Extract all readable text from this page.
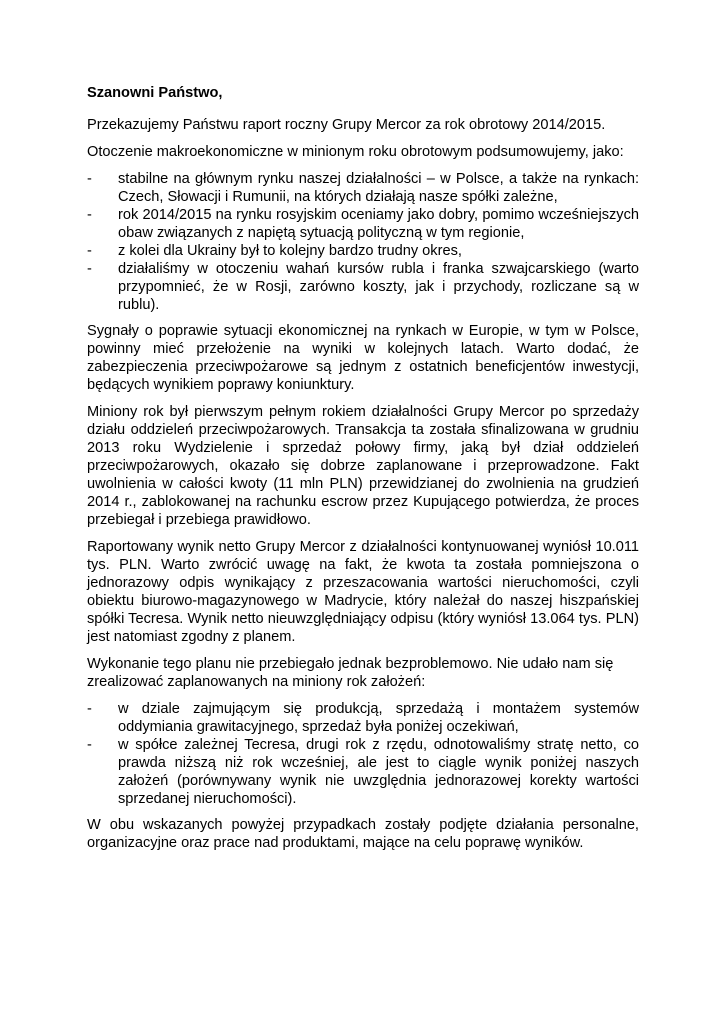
Szanowni Państwo,

Przekazujemy Państwu raport roczny Grupy Mercor za rok obrotowy 2014/2015.

Otoczenie makroekonomiczne w minionym roku obrotowym podsumowujemy, jako:

- stabilne na głównym rynku naszej działalności – w Polsce, a także na rynkach: Czech, Słowacji i Rumunii, na których działają nasze spółki zależne,
- rok 2014/2015 na rynku rosyjskim oceniamy jako dobry, pomimo wcześniejszych obaw związanych z napiętą sytuacją polityczną w tym regionie,
- z kolei dla Ukrainy był to kolejny bardzo trudny okres,
- działaliśmy w otoczeniu wahań kursów rubla i franka szwajcarskiego (warto przypomnieć, że w Rosji, zarówno koszty, jak i przychody, rozliczane są w rublu).

Sygnały o poprawie sytuacji ekonomicznej na rynkach w Europie, w tym w Polsce, powinny mieć przełożenie na wyniki w kolejnych latach. Warto dodać, że zabezpieczenia przeciwpożarowe są jednym z ostatnich beneficjentów inwestycji, będących wynikiem poprawy koniunktury.

Miniony rok był pierwszym pełnym rokiem działalności Grupy Mercor po sprzedaży działu oddzieleń przeciwpożarowych. Transakcja ta została sfinalizowana w grudniu 2013 roku Wydzielenie i sprzedaż połowy firmy, jaką był dział oddzieleń przeciwpożarowych, okazało się dobrze zaplanowane i przeprowadzone. Fakt uwolnienia w całości kwoty (11 mln PLN) przewidzianej do zwolnienia na grudzień 2014 r., zablokowanej na rachunku escrow przez Kupującego potwierdza, że proces przebiegał i przebiega prawidłowo.

Raportowany wynik netto Grupy Mercor z działalności kontynuowanej wyniósł 10.011 tys. PLN. Warto zwrócić uwagę na fakt, że kwota ta została pomniejszona o jednorazowy odpis wynikający z przeszacowania wartości nieruchomości, czyli obiektu biurowo-magazynowego w Madrycie, który należał do naszej hiszpańskiej spółki Tecresa. Wynik netto nieuwzględniający odpisu (który wyniósł 13.064 tys. PLN) jest natomiast zgodny z planem.

Wykonanie tego planu nie przebiegało jednak bezproblemowo. Nie udało nam się zrealizować zaplanowanych na miniony rok założeń:

- w dziale zajmującym się produkcją, sprzedażą i montażem systemów oddymiania grawitacyjnego, sprzedaż była poniżej oczekiwań,
- w spółce zależnej Tecresa, drugi rok z rzędu, odnotowaliśmy stratę netto, co prawda niższą niż rok wcześniej, ale jest to ciągle wynik poniżej naszych założeń (porównywany wynik nie uwzględnia jednorazowej korekty wartości sprzedanej nieruchomości).

W obu wskazanych powyżej przypadkach zostały podjęte działania personalne, organizacyjne oraz prace nad produktami, mające na celu poprawę wyników.
